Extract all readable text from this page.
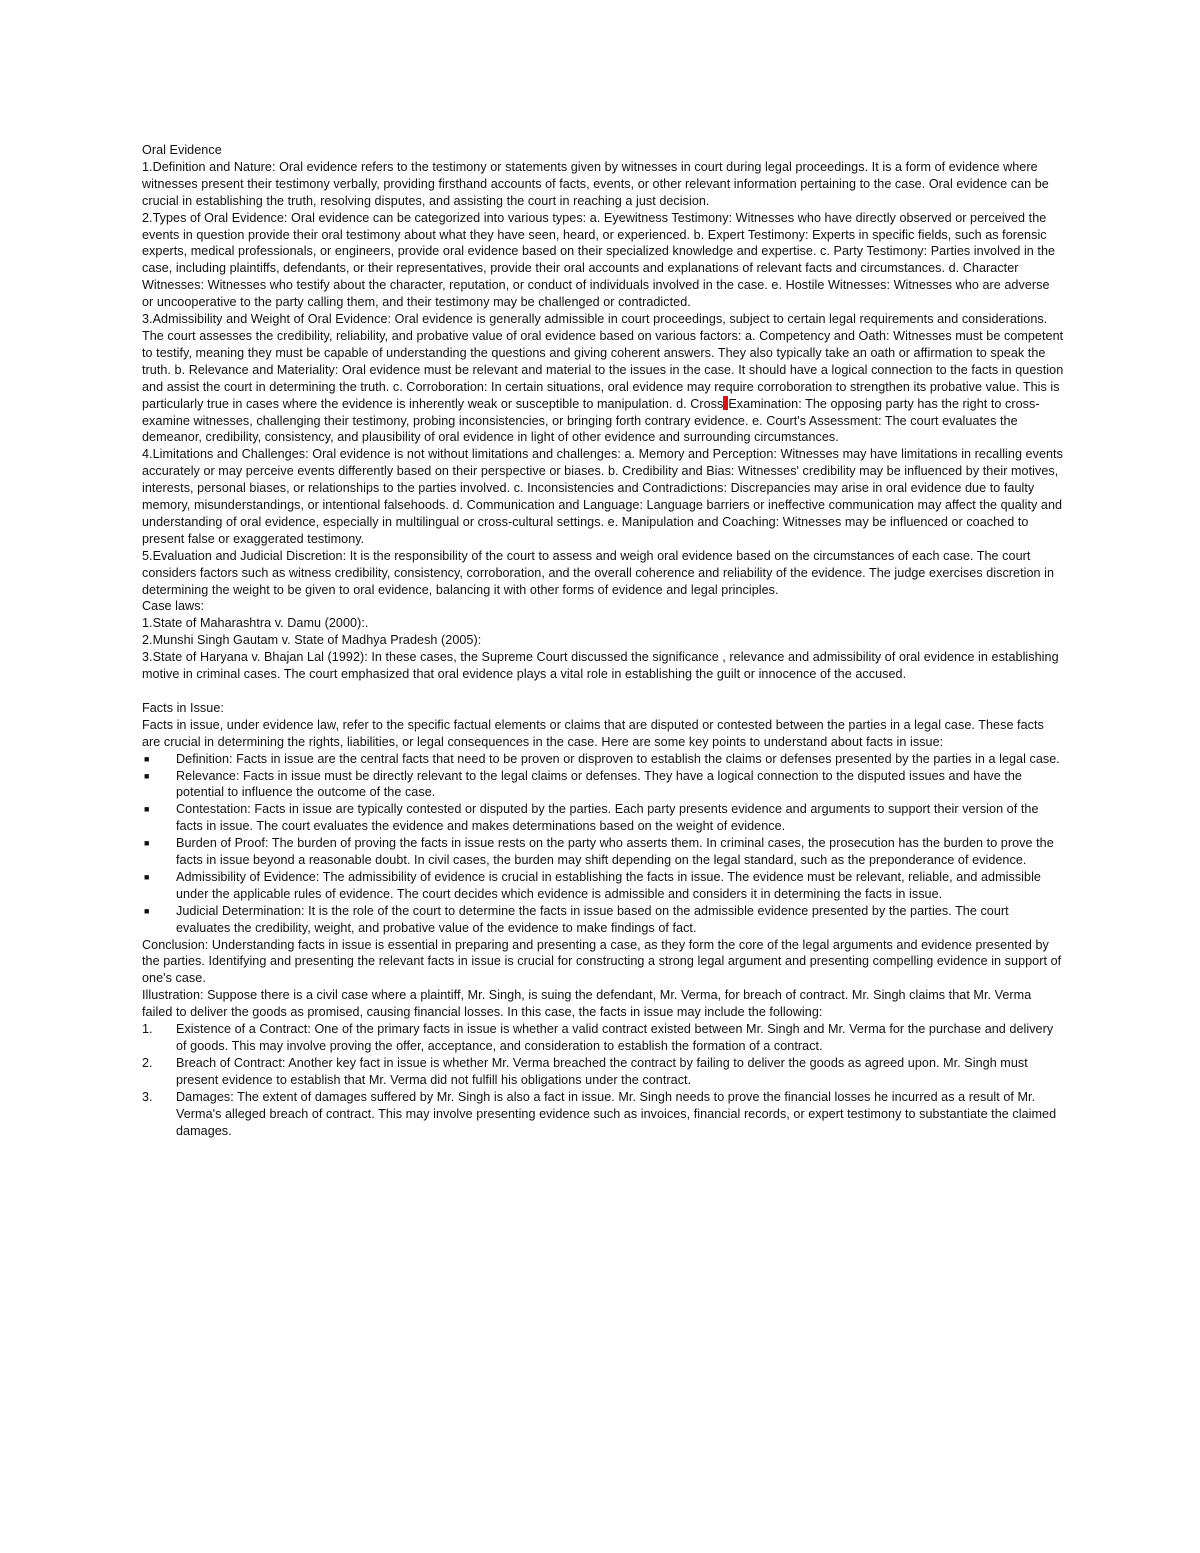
Oral Evidence

1.Definition and Nature: Oral evidence refers to the testimony or statements given by witnesses in court during legal proceedings. It is a form of evidence where witnesses present their testimony verbally, providing firsthand accounts of facts, events, or other relevant information pertaining to the case. Oral evidence can be crucial in establishing the truth, resolving disputes, and assisting the court in reaching a just decision.

2.Types of Oral Evidence: Oral evidence can be categorized into various types: a. Eyewitness Testimony: Witnesses who have directly observed or perceived the events in question provide their oral testimony about what they have seen, heard, or experienced. b. Expert Testimony: Experts in specific fields, such as forensic experts, medical professionals, or engineers, provide oral evidence based on their specialized knowledge and expertise. c. Party Testimony: Parties involved in the case, including plaintiffs, defendants, or their representatives, provide their oral accounts and explanations of relevant facts and circumstances. d. Character Witnesses: Witnesses who testify about the character, reputation, or conduct of individuals involved in the case. e. Hostile Witnesses: Witnesses who are adverse or uncooperative to the party calling them, and their testimony may be challenged or contradicted.

3.Admissibility and Weight of Oral Evidence: Oral evidence is generally admissible in court proceedings, subject to certain legal requirements and considerations. The court assesses the credibility, reliability, and probative value of oral evidence based on various factors: a. Competency and Oath: Witnesses must be competent to testify, meaning they must be capable of understanding the questions and giving coherent answers. They also typically take an oath or affirmation to speak the truth. b. Relevance and Materiality: Oral evidence must be relevant and material to the issues in the case. It should have a logical connection to the facts in question and assist the court in determining the truth. c. Corroboration: In certain situations, oral evidence may require corroboration to strengthen its probative value. This is particularly true in cases where the evidence is inherently weak or susceptible to manipulation. d. Cross Examination: The opposing party has the right to cross-examine witnesses, challenging their testimony, probing inconsistencies, or bringing forth contrary evidence. e. Court's Assessment: The court evaluates the demeanor, credibility, consistency, and plausibility of oral evidence in light of other evidence and surrounding circumstances.

4.Limitations and Challenges: Oral evidence is not without limitations and challenges: a. Memory and Perception: Witnesses may have limitations in recalling events accurately or may perceive events differently based on their perspective or biases. b. Credibility and Bias: Witnesses' credibility may be influenced by their motives, interests, personal biases, or relationships to the parties involved. c. Inconsistencies and Contradictions: Discrepancies may arise in oral evidence due to faulty memory, misunderstandings, or intentional falsehoods. d. Communication and Language: Language barriers or ineffective communication may affect the quality and understanding of oral evidence, especially in multilingual or cross-cultural settings. e. Manipulation and Coaching: Witnesses may be influenced or coached to present false or exaggerated testimony.

5.Evaluation and Judicial Discretion: It is the responsibility of the court to assess and weigh oral evidence based on the circumstances of each case. The court considers factors such as witness credibility, consistency, corroboration, and the overall coherence and reliability of the evidence. The judge exercises discretion in determining the weight to be given to oral evidence, balancing it with other forms of evidence and legal principles.

Case laws:

1.State of Maharashtra v. Damu (2000):.

2.Munshi Singh Gautam v. State of Madhya Pradesh (2005):

3.State of Haryana v. Bhajan Lal (1992): In these cases, the Supreme Court discussed the significance , relevance and admissibility of oral evidence in establishing motive in criminal cases. The court emphasized that oral evidence plays a vital role in establishing the guilt or innocence of the accused.

Facts in Issue:

Facts in issue, under evidence law, refer to the specific factual elements or claims that are disputed or contested between the parties in a legal case. These facts are crucial in determining the rights, liabilities, or legal consequences in the case. Here are some key points to understand about facts in issue:

■ Definition: Facts in issue are the central facts that need to be proven or disproven to establish the claims or defenses presented by the parties in a legal case.
■ Relevance: Facts in issue must be directly relevant to the legal claims or defenses. They have a logical connection to the disputed issues and have the potential to influence the outcome of the case.
■ Contestation: Facts in issue are typically contested or disputed by the parties. Each party presents evidence and arguments to support their version of the facts in issue. The court evaluates the evidence and makes determinations based on the weight of evidence.
■ Burden of Proof: The burden of proving the facts in issue rests on the party who asserts them. In criminal cases, the prosecution has the burden to prove the facts in issue beyond a reasonable doubt. In civil cases, the burden may shift depending on the legal standard, such as the preponderance of evidence.
■ Admissibility of Evidence: The admissibility of evidence is crucial in establishing the facts in issue. The evidence must be relevant, reliable, and admissible under the applicable rules of evidence. The court decides which evidence is admissible and considers it in determining the facts in issue.
■ Judicial Determination: It is the role of the court to determine the facts in issue based on the admissible evidence presented by the parties. The court evaluates the credibility, weight, and probative value of the evidence to make findings of fact.

Conclusion: Understanding facts in issue is essential in preparing and presenting a case, as they form the core of the legal arguments and evidence presented by the parties. Identifying and presenting the relevant facts in issue is crucial for constructing a strong legal argument and presenting compelling evidence in support of one's case.

Illustration: Suppose there is a civil case where a plaintiff, Mr. Singh, is suing the defendant, Mr. Verma, for breach of contract. Mr. Singh claims that Mr. Verma failed to deliver the goods as promised, causing financial losses. In this case, the facts in issue may include the following:

1. Existence of a Contract: One of the primary facts in issue is whether a valid contract existed between Mr. Singh and Mr. Verma for the purchase and delivery of goods. This may involve proving the offer, acceptance, and consideration to establish the formation of a contract.
2. Breach of Contract: Another key fact in issue is whether Mr. Verma breached the contract by failing to deliver the goods as agreed upon. Mr. Singh must present evidence to establish that Mr. Verma did not fulfill his obligations under the contract.
3. Damages: The extent of damages suffered by Mr. Singh is also a fact in issue. Mr. Singh needs to prove the financial losses he incurred as a result of Mr. Verma's alleged breach of contract. This may involve presenting evidence such as invoices, financial records, or expert testimony to substantiate the claimed damages.
